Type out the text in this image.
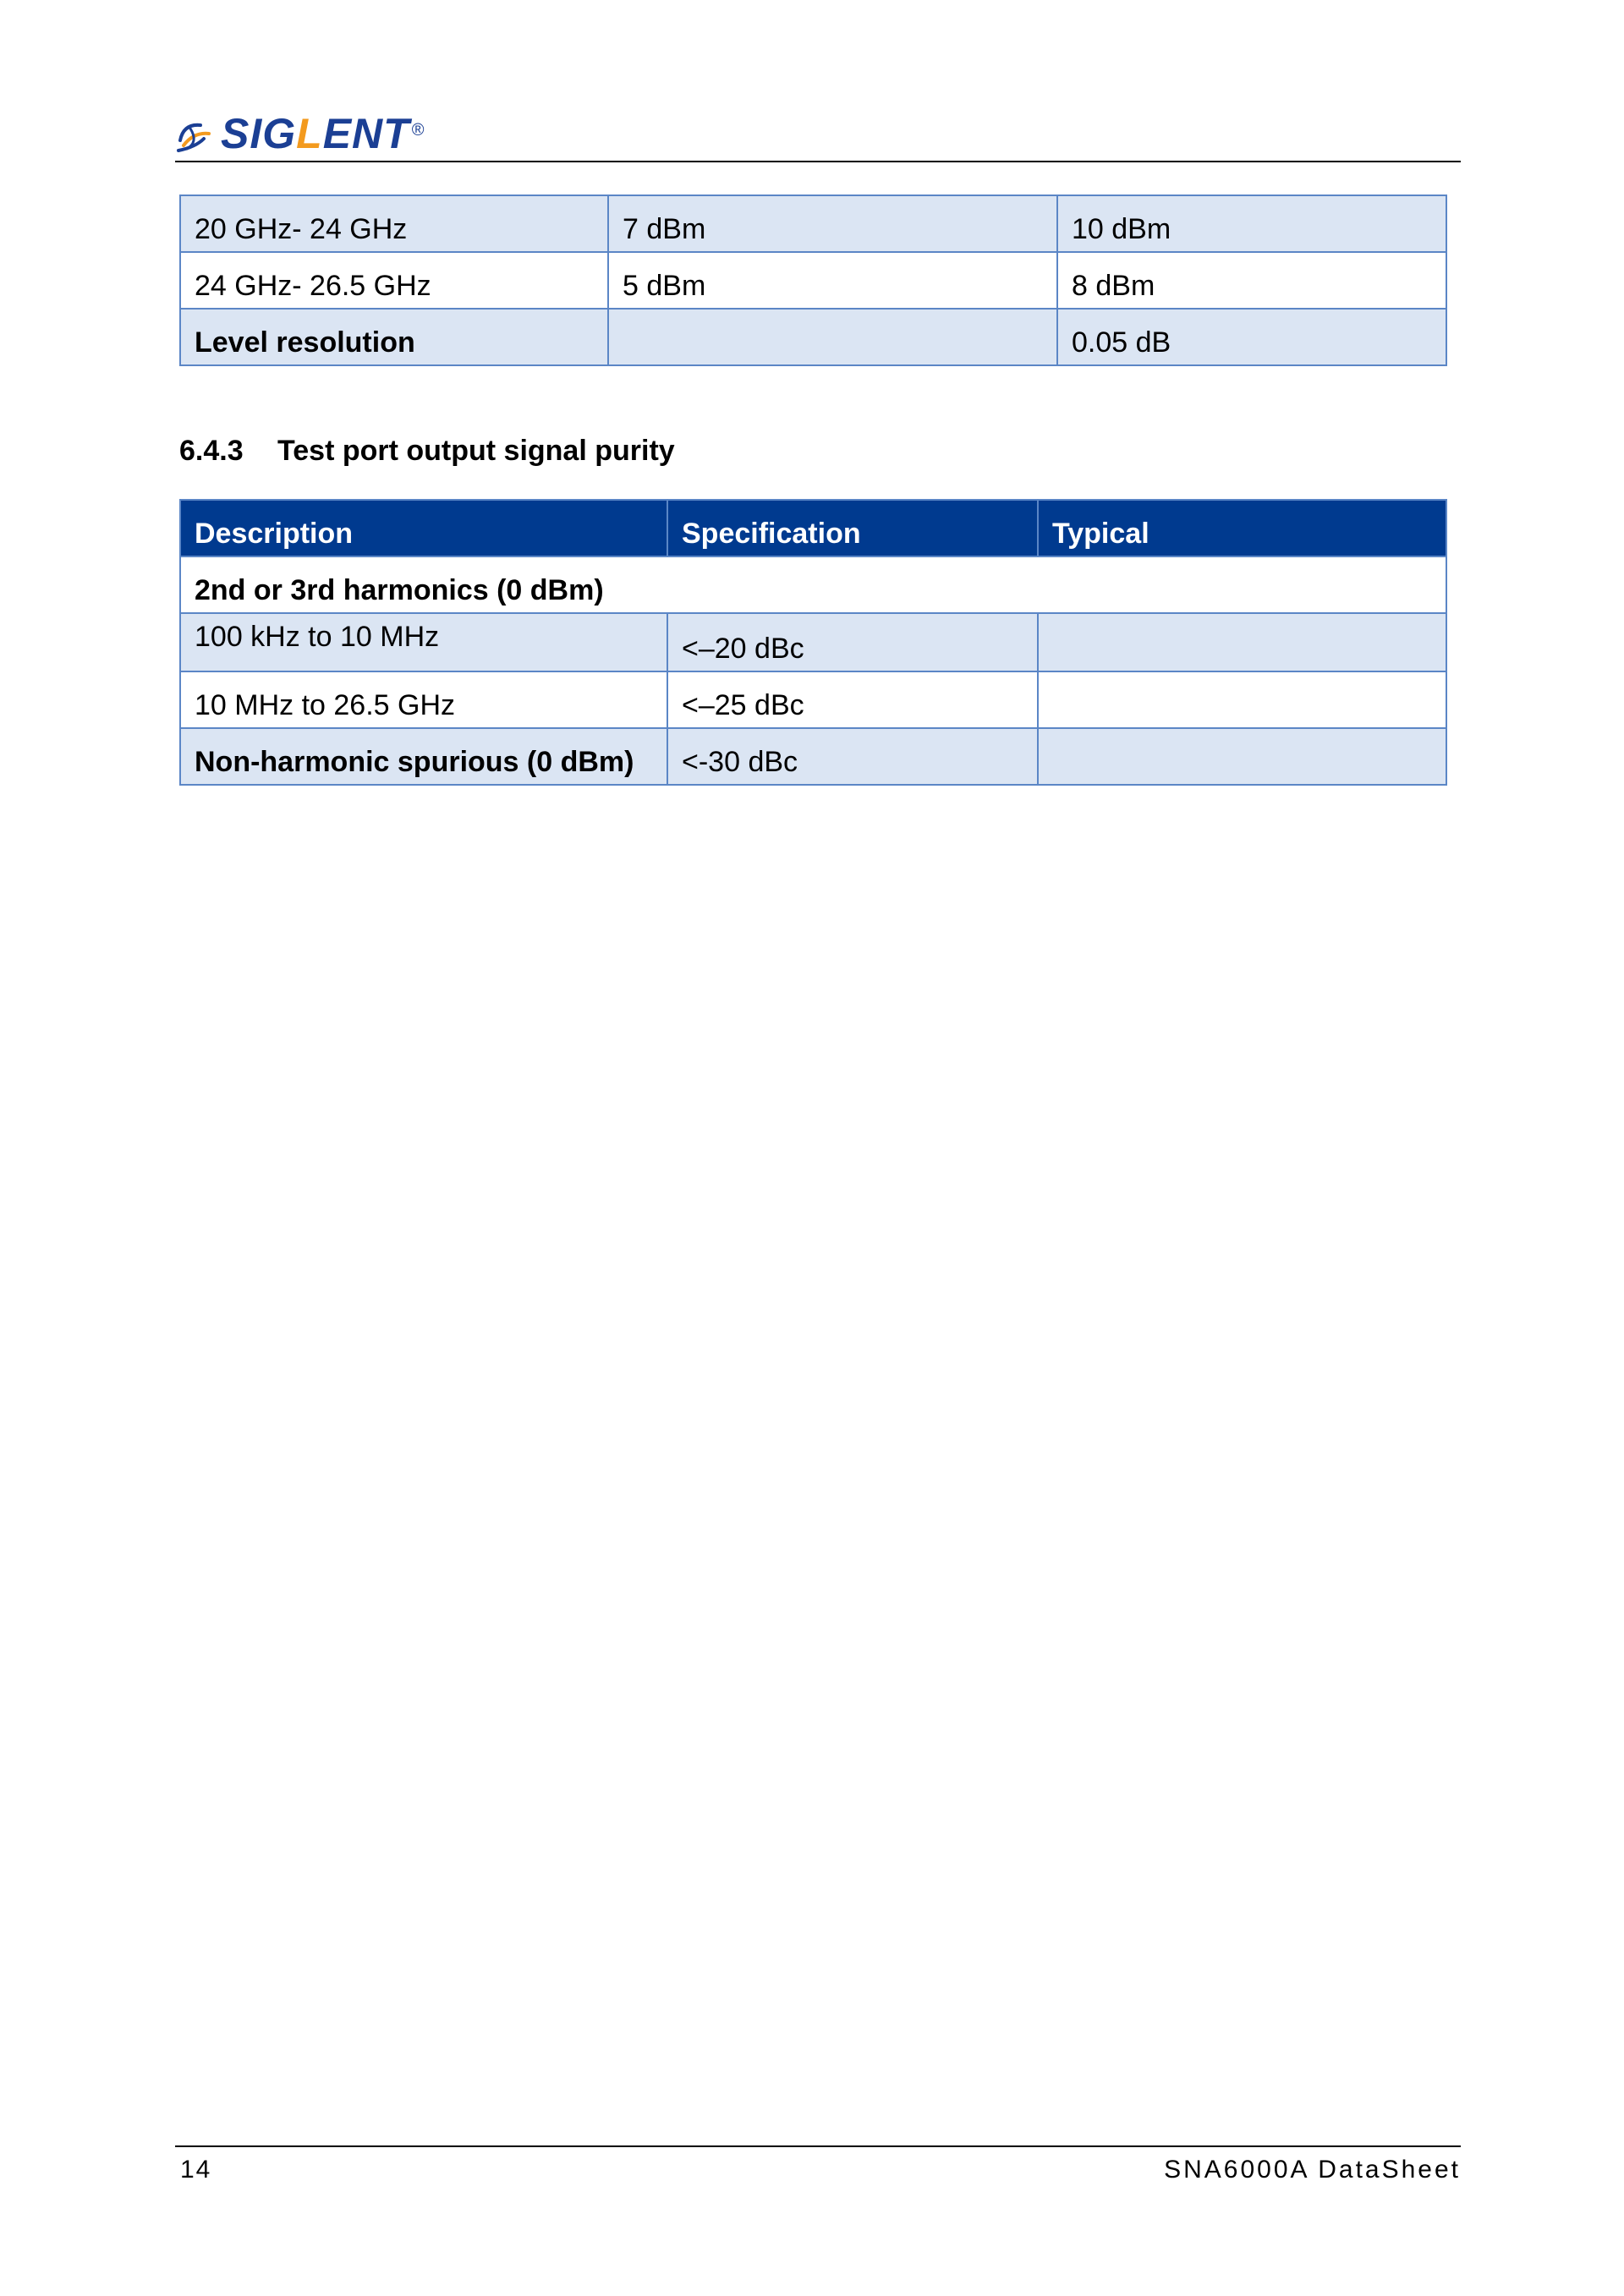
SIGLENT ®
20 GHz- 24 GHz	7 dBm	10 dBm
24 GHz- 26.5 GHz	5 dBm	8 dBm
Level resolution		0.05 dB
6.4.3 Test port output signal purity
Description	Specification	Typical
2nd or 3rd harmonics (0 dBm)		
100 kHz to 10 MHz	<–20 dBc	
10 MHz to 26.5 GHz	<–25 dBc	
Non-harmonic spurious (0 dBm)	<-30 dBc	
14	SNA6000A DataSheet
